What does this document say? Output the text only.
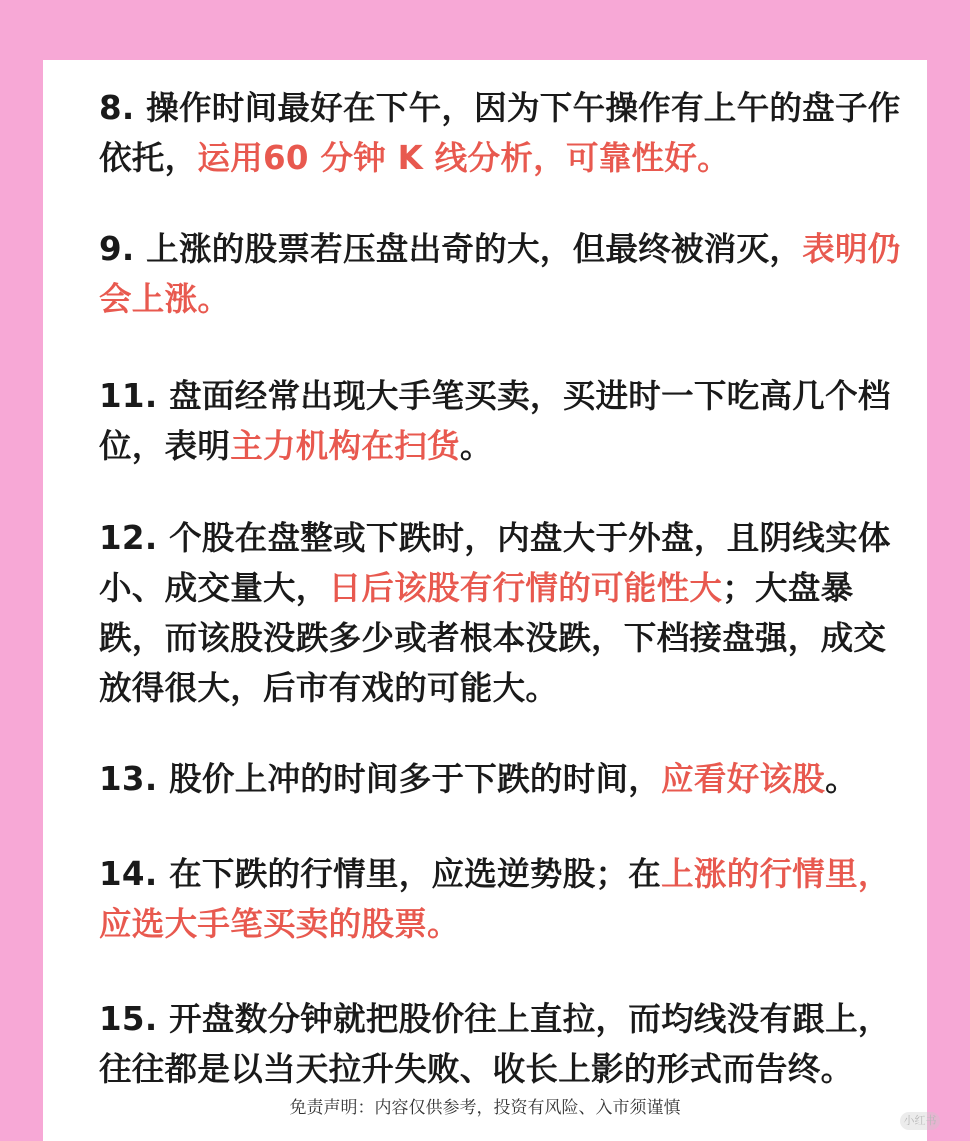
8. 操作时间最好在下午，因为下午操作有上午的盘子作依托，运用60 分钟 K 线分析，可靠性好。

9. 上涨的股票若压盘出奇的大，但最终被消灭，表明仍会上涨。

11. 盘面经常出现大手笔买卖，买进时一下吃高几个档位，表明主力机构在扫货。

12. 个股在盘整或下跌时，内盘大于外盘，且阴线实体小、成交量大，日后该股有行情的可能性大；大盘暴跌，而该股没跌多少或者根本没跌，下档接盘强，成交放得很大，后市有戏的可能大。

13. 股价上冲的时间多于下跌的时间，应看好该股。

14. 在下跌的行情里，应选逆势股；在上涨的行情里，应选大手笔买卖的股票。

15. 开盘数分钟就把股价往上直拉，而均线没有跟上，往往都是以当天拉升失败、收长上影的形式而告终。

免责声明：内容仅供参考，投资有风险、入市须谨慎
小红书
